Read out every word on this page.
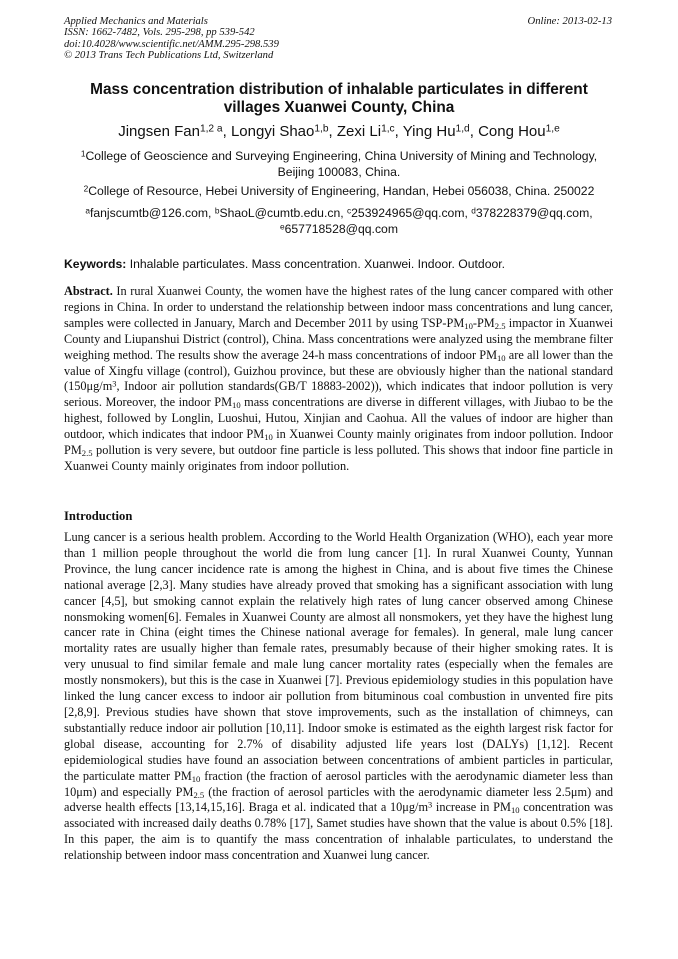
Applied Mechanics and Materials
ISSN: 1662-7482, Vols. 295-298, pp 539-542
doi:10.4028/www.scientific.net/AMM.295-298.539
© 2013 Trans Tech Publications Ltd, Switzerland
Online: 2013-02-13
Mass concentration distribution of inhalable particulates in different villages Xuanwei County, China
Jingsen Fan$^{1,2 a}$, Longyi Shao$^{1,b}$, Zexi Li$^{1,c}$, Ying Hu$^{1,d}$, Cong Hou$^{1,e}$
$^1$College of Geoscience and Surveying Engineering, China University of Mining and Technology, Beijing 100083, China.
$^2$College of Resource, Hebei University of Engineering, Handan, Hebei 056038, China. 250022
$^a$fanjscumtb@126.com, $^b$ShaoL@cumtb.edu.cn, $^c$253924965@qq.com, $^d$378228379@qq.com,
$^e$657718528@qq.com
Keywords: Inhalable particulates. Mass concentration. Xuanwei. Indoor. Outdoor.

Abstract. In rural Xuanwei County, the women have the highest rates of the lung cancer compared with other regions in China. In order to understand the relationship between indoor mass concentrations and lung cancer, samples were collected in January, March and December 2011 by using TSP-$PM_{10}-PM_{2.5}$ impactor in Xuanwei County and Liupanshui District (control), China. Mass concentrations were analyzed using the membrane filter weighing method. The results show the average 24-h mass concentrations of indoor $PM_{10}$ are all lower than the value of Xingfu village (control), Guizhou province, but these are obviously higher than the national standard ($150\mu g/m^3$, Indoor air pollution standards(GB/T 18883-2002)), which indicates that indoor pollution is very serious. Moreover, the indoor $PM_{10}$ mass concentrations are diverse in different villages, with Jiubao to be the highest, followed by Longlin, Luoshui, Hutou, Xinjian and Caohua. All the values of indoor are higher than outdoor, which indicates that indoor $PM_{10}$ in Xuanwei County mainly originates from indoor pollution. Indoor $PM_{2.5}$ pollution is very severe, but outdoor fine particle is less polluted. This shows that indoor fine particle in Xuanwei County mainly originates from indoor pollution.

Introduction

Lung cancer is a serious health problem. According to the World Health Organization (WHO), each year more than 1 million people throughout the world die from lung cancer [1]. In rural Xuanwei County, Yunnan Province, the lung cancer incidence rate is among the highest in China, and is about five times the Chinese national average [2,3]. Many studies have already proved that smoking has a significant association with lung cancer [4,5], but smoking cannot explain the relatively high rates of lung cancer observed among Chinese nonsmoking women[6]. Females in Xuanwei County are almost all nonsmokers, yet they have the highest lung cancer rate in China (eight times the Chinese national average for females). In general, male lung cancer mortality rates are usually higher than female rates, presumably because of their higher smoking rates. It is very unusual to find similar female and male lung cancer mortality rates (especially when the females are mostly nonsmokers), but this is the case in Xuanwei [7]. Previous epidemiology studies in this population have linked the lung cancer excess to indoor air pollution from bituminous coal combustion in unvented fire pits [2,8,9]. Previous studies have shown that stove improvements, such as the installation of chimneys, can substantially reduce indoor air pollution [10,11]. Indoor smoke is estimated as the eighth largest risk factor for global disease, accounting for 2.7% of disability adjusted life years lost (DALYs) [1,12]. Recent epidemiological studies have found an association between concentrations of ambient particles in particular, the particulate matter $PM_{10}$ fraction (the fraction of aerosol particles with the aerodynamic diameter less than 10μm) and especially $PM_{2.5}$ (the fraction of aerosol particles with the aerodynamic diameter less 2.5μm) and adverse health effects [13,14,15,16]. Braga et al. indicated that a $10\mu g/m^3$ increase in $PM_{10}$ concentration was associated with increased daily deaths 0.78% [17], Samet studies have shown that the value is about 0.5% [18]. In this paper, the aim is to quantify the mass concentration of inhalable particulates, to understand the relationship between indoor mass concentration and Xuanwei lung cancer.
